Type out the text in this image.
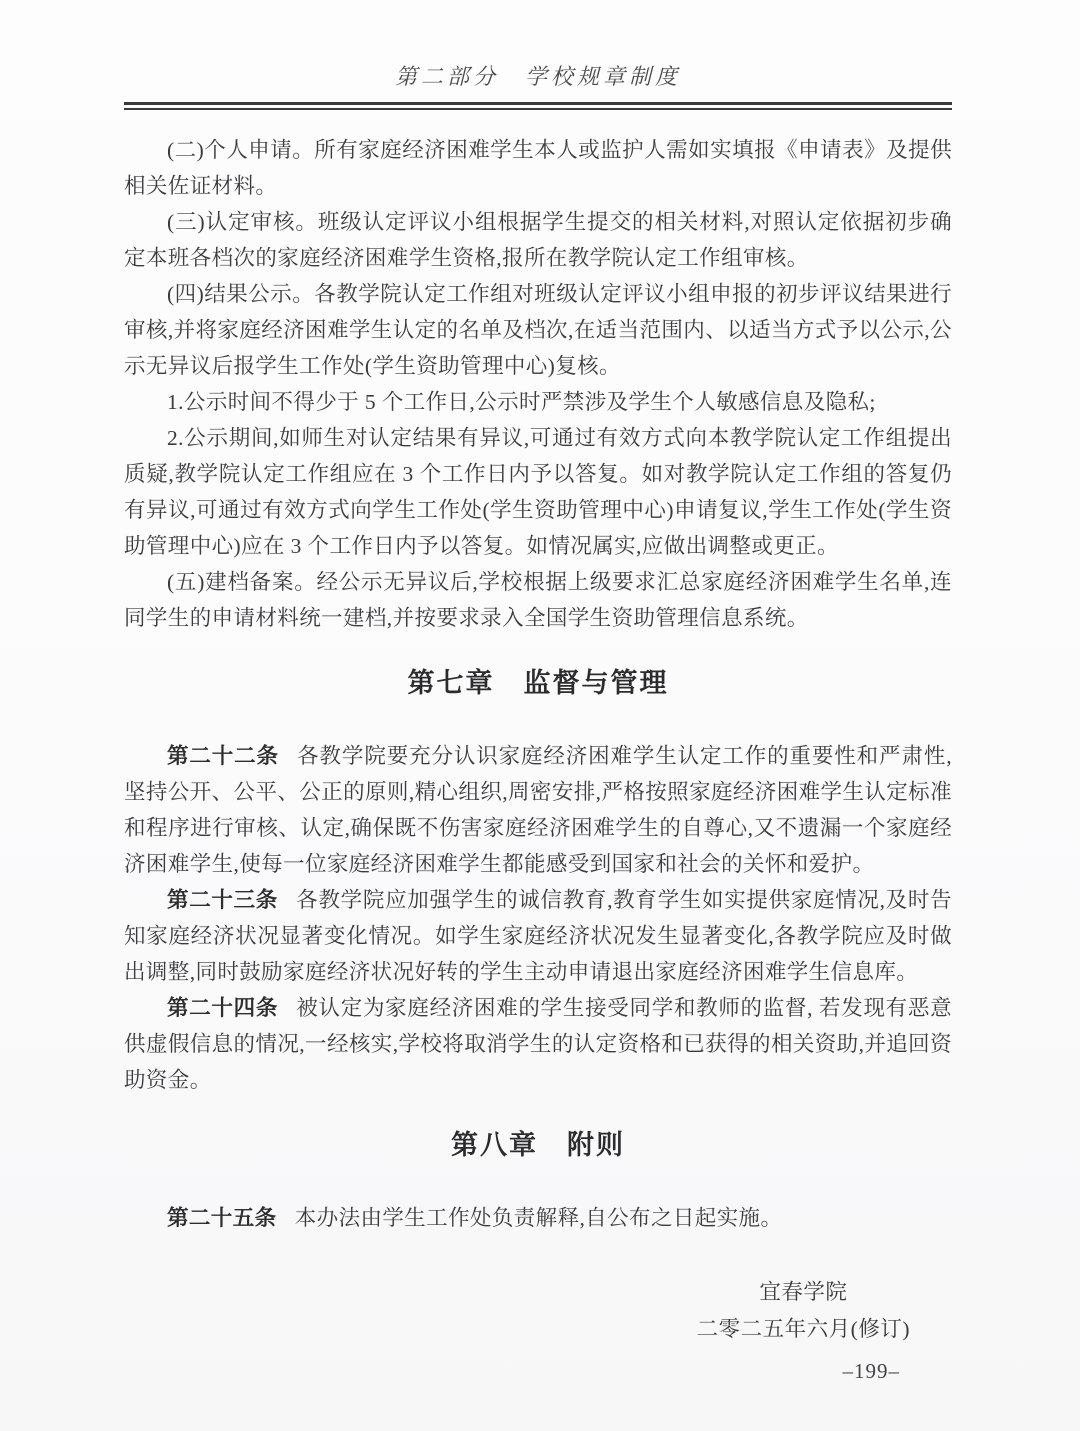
第二部分　学校规章制度

(二)个人申请。所有家庭经济困难学生本人或监护人需如实填报《申请表》及提供相关佐证材料。

(三)认定审核。班级认定评议小组根据学生提交的相关材料,对照认定依据初步确定本班各档次的家庭经济困难学生资格,报所在教学院认定工作组审核。

(四)结果公示。各教学院认定工作组对班级认定评议小组申报的初步评议结果进行审核,并将家庭经济困难学生认定的名单及档次,在适当范围内、以适当方式予以公示,公示无异议后报学生工作处(学生资助管理中心)复核。

1.公示时间不得少于 5 个工作日,公示时严禁涉及学生个人敏感信息及隐私;

2.公示期间,如师生对认定结果有异议,可通过有效方式向本教学院认定工作组提出质疑,教学院认定工作组应在 3 个工作日内予以答复。如对教学院认定工作组的答复仍有异议,可通过有效方式向学生工作处(学生资助管理中心)申请复议,学生工作处(学生资助管理中心)应在 3 个工作日内予以答复。如情况属实,应做出调整或更正。

(五)建档备案。经公示无异议后,学校根据上级要求汇总家庭经济困难学生名单,连同学生的申请材料统一建档,并按要求录入全国学生资助管理信息系统。

第七章　监督与管理

第二十二条 各教学院要充分认识家庭经济困难学生认定工作的重要性和严肃性,坚持公开、公平、公正的原则,精心组织,周密安排,严格按照家庭经济困难学生认定标准和程序进行审核、认定,确保既不伤害家庭经济困难学生的自尊心,又不遗漏一个家庭经济困难学生,使每一位家庭经济困难学生都能感受到国家和社会的关怀和爱护。

第二十三条 各教学院应加强学生的诚信教育,教育学生如实提供家庭情况,及时告知家庭经济状况显著变化情况。如学生家庭经济状况发生显著变化,各教学院应及时做出调整,同时鼓励家庭经济状况好转的学生主动申请退出家庭经济困难学生信息库。

第二十四条 被认定为家庭经济困难的学生接受同学和教师的监督, 若发现有恶意供虚假信息的情况,一经核实,学校将取消学生的认定资格和已获得的相关资助,并追回资助资金。

第八章　附则

第二十五条 本办法由学生工作处负责解释,自公布之日起实施。

宜春学院
二零二五年六月(修订)
–199–
